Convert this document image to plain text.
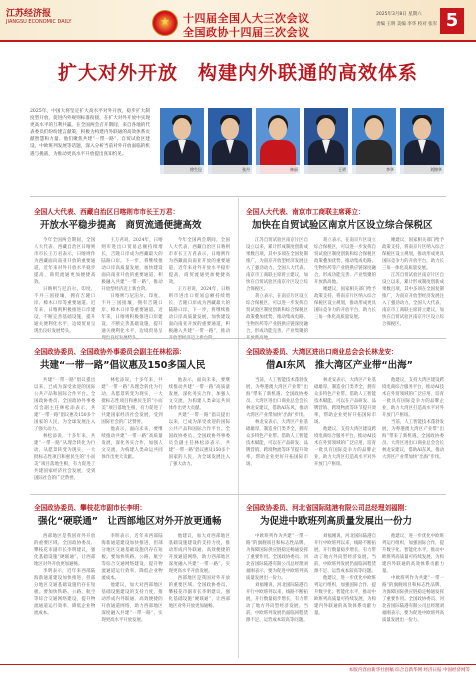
江苏经济报
JIANGSU ECONOMIC DAILY
★	十四届全国人大三次会议
全国政协十四届三次会议
2025年3月8日 星期六
责编 王明 美编 李华 校对 张军 5
扩大对外开放　构建内外联通的高效体系
2025年，中国大将坚定扩大高水平对外开放，稳步扩大制度型开放，促进内外规则标准衔接，在扩大对外开放中实现更高水平的互利共赢。在全国两会召开期间，来自各地的代表委员们纷纷建言献策，积极为构建内外联通的高效体系贡献智慧和力量。他们聚焦共建“一带一路”、自贸试验区建设、中欧班列发展等话题，深入分析当前对外开放面临的机遇与挑战，为推动更高水平开放提出真知灼见。
徐生昆	张丹	林丽	王勇	李华	刘锦华
全国人大代表、西藏自治区日喀则市市长王万君：
开放水平稳步提高　商贸流通便捷高效

今年全国两会期间，全国人大代表、西藏自治区日喀则市市长王万君表示，日喀则作为西藏面向南亚开放的重要通道，近年来对外开放水平稳步提高，商贸流通更加便捷高效。

日喀则与尼泊尔、印度、不丹三国接壤，拥有吉隆口岸、樟木口岸等重要通道。近年来，日喀则积极推进口岸建设，不断完善基础设施，提升通关便利化水平，边境贸易呈现出良好发展势头。

王万君说，2024年，日喀则市进出口贸易总额持续增长，吉隆口岸成为西藏最大的陆路口岸。下一步，将继续推动口岸高质量发展，加快建设面向南亚开放的重要通道，积极融入共建“一带一路”，推动开放型经济迈上新台阶。

日喀则与尼泊尔、印度、不丹三国接壤，拥有吉隆口岸、樟木口岸等重要通道。近年来，日喀则积极推进口岸建设，不断完善基础设施，提升通关便利化水平，边境贸易呈

今年全国两会期间，全国人大代表、西藏自治区日喀则市市长王万君表示，日喀则作为西藏面向南亚开放的重要通道，近年来对外开放水平稳步提高，商贸流通更加便捷高效。

王万君说，2024年，日喀则市进出口贸易总额持续增长，吉隆口岸成为西藏最大的陆路口岸。下一步，将继续推动口岸高质量发展，加快建设面向南亚开放的重要通道，积极融入共建“一带一路”，推动

全国人大代表、南京市工商联主席蒋立：
加快在自贸试验区南京片区设立综合保税区

江苏自贸试验区南京片区自设立以来，累计形成制度创新成果数百项，其中多项在全国复制推广，为南京开放型经济发展注入了强劲动力。全国人大代表、南京市工商联主席蒋立建议，加快在自贸试验区南京片区设立综合保税区。

蒋立表示，在南京片区设立综合保税区，可以进一步发挥自贸试验区制度创新和综合保税区政策叠加优势，推动集成电路、生物医药等产业链供应链深度融合，形成功能完善、产业集聚的

蒋立表示，在南京片区设立综合保税区，可以进一步发挥自贸试验区制度创新和综合保税区政策叠加优势，推动集成电路、生物医药等产业链供应链深度融合，形成功能完善、产业集聚的开放新高地。

她建议，国家相关部门给予政策支持，将南京片区纳入综合保税区设立规划，推动形成更具国际竞争力的开放平台，助力长三角一体化高质量发展。

她建议，国家相关部门给予政策支持，将南京片区纳入综合保税区设立规划，推动形成更具国际竞争力的开放平台，助力长三角一体化高质量发展。

江苏自贸试验区南京片区自设立以来，累计形成制度创新成果数百项，其中多项在全国复制推广，为南京开放型经济发展注入了强劲动力。全国人大代表、南京市工商联主席蒋立建议，加快在自贸试验区南京片区设立综合保税区。

全国政协委员、全国政协外事委员会副主任林松添：
共建“一带一路”倡议惠及150多国人民

共建“一带一路”倡议提出以来，已成为深受欢迎的国际公共产品和国际合作平台。全国政协委员、全国政协外事委员会副主任林松添表示，共建“一带一路”倡议惠及150多个国家的人民，为全球发展注入了强大动力。

林松添说，十多年来，共建“一带一路”从理念转化为行动，从愿景转变为现实，一大批标志性项目和惠民生的“小而美”项目落地生根，有力促进了共建国家经济社会发展，受到国际社会的广泛赞誉。

林松添说，十多年来，共建“一带一路”从理念转化为行动，从愿景转变为现实，一大批标志性项目和惠民生的“小而美”项目落地生根，有力促进了共建国家经济社会发展，受到国际社会的广泛赞誉。

他表示，面向未来，要继续推动共建“一带一路”高质量发展，深化务实合作，加强人文交流，为构建人类命运共同体作出更大贡献。

他表示，面向未来，要继续推动共建“一带一路”高质量发展，深化务实合作，加强人文交流，为构建人类命运共同体作出更大贡献。

共建“一带一路”倡议提出以来，已成为深受欢迎的国际公共产品和国际合作平台。全国政协委员、全国政协外事委员会副主任林松添表示，共建“一带一路”倡议惠及150多个国家的人民，为全球发展注入了强大动力。

全国政协委员、大湾区进出口商业总会会长林龙安：
借AI东风　推大湾区产业带“出海”

当前，人工智能技术蓬勃发展，为粤港澳大湾区产业带“出海”带来了新机遇。全国政协委员、大湾区进出口商业总会会长林龙安建议，借助AI东风，推动大湾区产业带加快“出海”步伐。

林龙安表示，大湾区产业基础雄厚，制造业门类齐全，拥有众多特色产业带。借助人工智能技术赋能，可以在产品研发、品牌营销、跨境物流等环节提升效率，帮助企业更好开拓国际市场。

林龙安表示，大湾区产业基础雄厚，制造业门类齐全，拥有众多特色产业带。借助人工智能技术赋能，可以在产品研发、品牌营销、跨境物流等环节提升效率，帮助企业更好开拓国际市场。

他建议，支持大湾区建设跨境电商综合服务平台，推动AI技术在外贸领域的广泛应用，培育一批具有国际竞争力的品牌企业，助力大湾区打造高水平对外开放门户枢纽。

他建议，支持大湾区建设跨境电商综合服务平台，推动AI技术在外贸领域的广泛应用，培育一批具有国际竞争力的品牌企业，助力大湾区打造高水平对外开放门户枢纽。

当前，人工智能技术蓬勃发展，为粤港澳大湾区产业带“出海”带来了新机遇。全国政协委员、大湾区进出口商业总会会长林龙安建议，借助AI东风，推动大湾区产业带加快“出海”步伐。

全国政协委员、攀枝花市副市长李明：
强化“硬联通”　让西部地区对外开放更通畅

西部地区是我国对外开放的重要区域。全国政协委员、攀枝花市副市长李明建议，强化基础设施“硬联通”，让西部地区对外开放更加通畅。

李明表示，近年来西部陆海新通道建设加快推进，但部分地区交通基础设施仍存在短板。要加快铁路、公路、航空等综合交通网络建设，提升物流通道运行效率，降低企业物流成本。

李明表示，近年来西部陆海新通道建设加快推进，但部分地区交通基础设施仍存在短板。要加快铁路、公路、航空等综合交通网络建设，提升物流通道运行效率，降低企业物流成本。

他建议，加大对西部地区基础设施建设的支持力度，推动形成内外联通、高效便捷的开放通道网络，助力西部地区深度融入共建“一带一路”，实现更高水平开放发展。

他建议，加大对西部地区基础设施建设的支持力度，推动形成内外联通、高效便捷的开放通道网络，助力西部地区深度融入共建“一带一路”，实现更高水平开放发展。

西部地区是我国对外开放的重要区域。全国政协委员、攀枝花市副市长李明建议，强化基础设施“硬联通”，让西部地区对外开放更加通畅。

全国政协委员、河北省国际陆港有限公司总经理刘福刚：
为促进中欧班列高质量发展出一份力

中欧班列作为共建“一带一路”的旗舰项目和标志性品牌，为保障国际供应链稳定畅通发挥了重要作用。全国政协委员、河北省国际陆港有限公司总经理刘福刚表示，要为促进中欧班列高质量发展出一份力。

刘福刚说，河北国际陆港自开行中欧班列以来，线路不断拓展，开行数量稳步增长，有力带动了地方外向型经济发展。当前，中欧班列发展仍面临回程货源不足、运营成本较高等问题。

刘福刚说，河北国际陆港自开行中欧班列以来，线路不断拓展，开行数量稳步增长，有力带动了地方外向型经济发展。当前，中欧班列发展仍面临回程货源不足、运营成本较高等问题。

他建议，进一步优化中欧班列运行组织，加强国际合作，提升数字化、智能化水平，推动中欧班列高质量可持续发展，为构建内外联通的高效体系贡献力量。

他建议，进一步优化中欧班列运行组织，加强国际合作，提升数字化、智能化水平，推动中欧班列高质量可持续发展，为构建内外联通的高效体系贡献力量。

中欧班列作为共建“一带一路”的旗舰项目和标志性品牌，为保障国际供应链稳定畅通发挥了重要作用。全国政协委员、河北省国际陆港有限公司总经理刘福刚表示，要为促进中欧班列高质量发展出一份力。

本版内容由新华社供稿 综合自新华网 经济日报 中国经济网等
